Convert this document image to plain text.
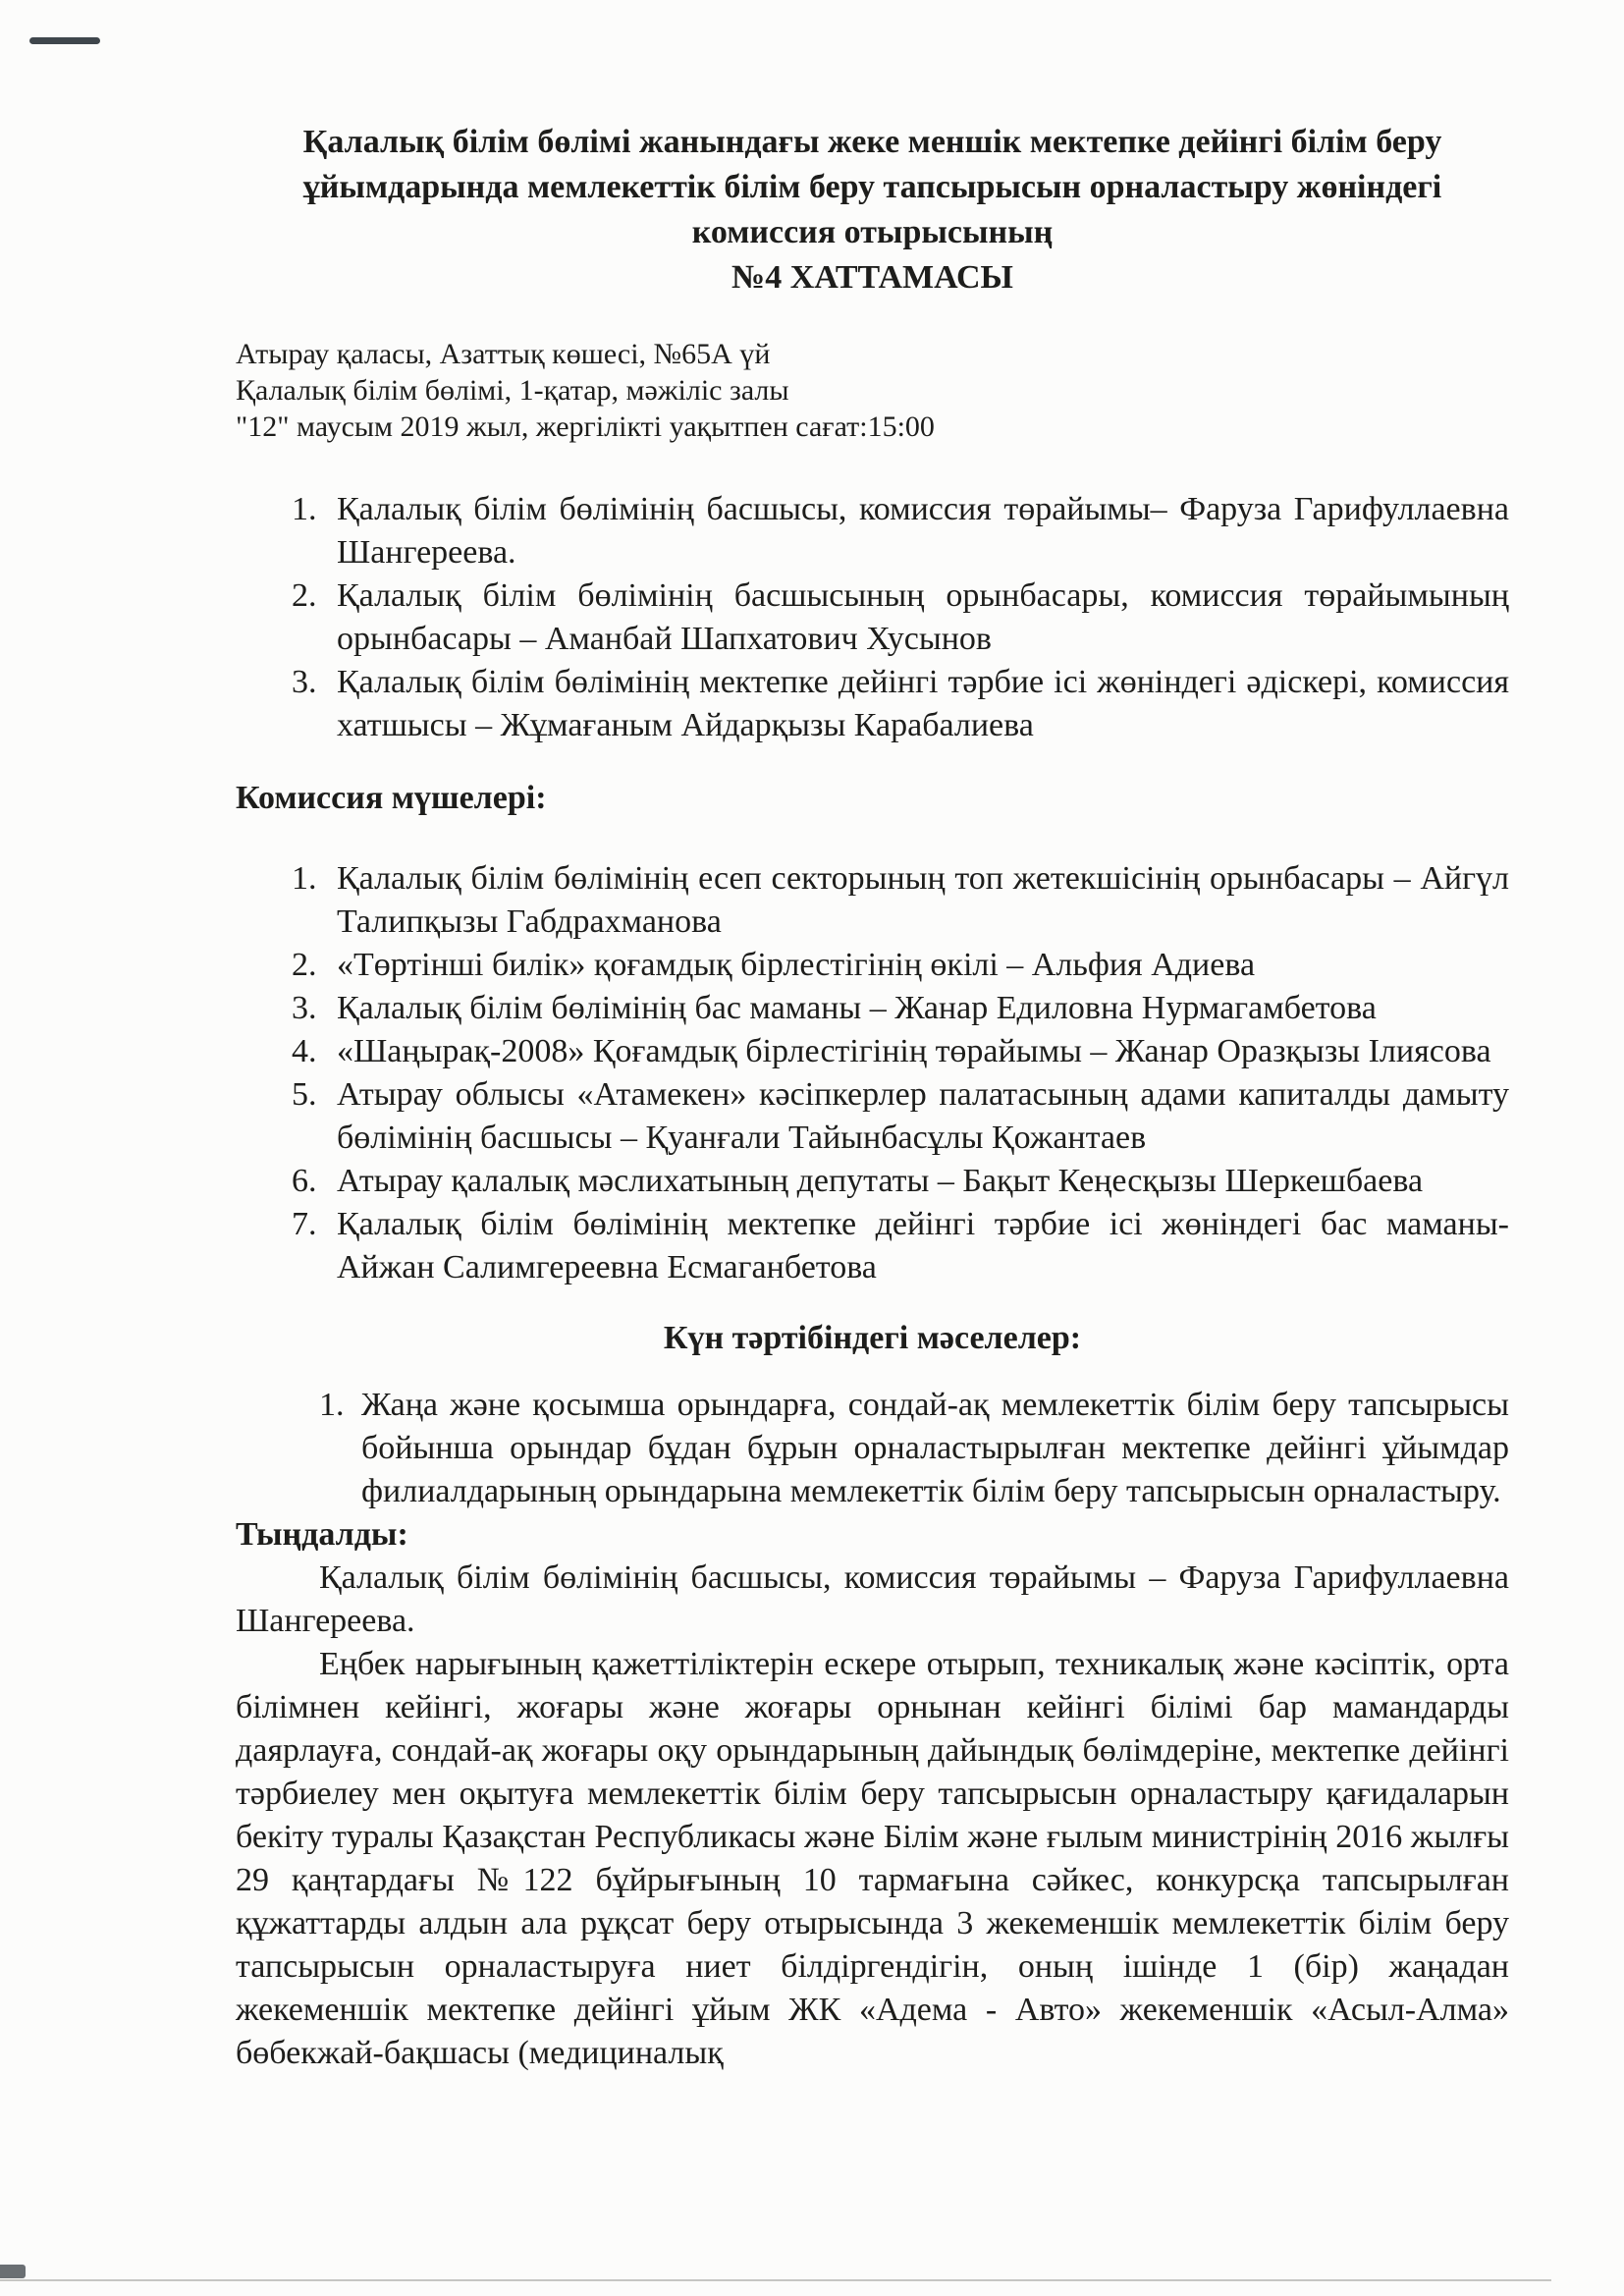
Қалалық білім бөлімі жанындағы жеке меншік мектепке дейінгі білім беру
ұйымдарында мемлекеттік білім беру тапсырысын орналастыру жөніндегі
комиссия отырысының
№4 ХАТТАМАСЫ
Атырау қаласы, Азаттық көшесі, №65А үй
Қалалық білім бөлімі, 1-қатар, мәжіліс залы
"12" маусым 2019 жыл, жергілікті уақытпен сағат:15:00
1. Қалалық білім бөлімінің басшысы, комиссия төрайымы– Фаруза Гарифуллаевна Шангереева.
2. Қалалық білім бөлімінің басшысының орынбасары, комиссия төрайымының орынбасары – Аманбай Шапхатович Хусынов
3. Қалалық білім бөлімінің мектепке дейінгі тәрбие ісі жөніндегі әдіскері, комиссия хатшысы – Жұмағаным Айдарқызы Карабалиева
Комиссия мүшелері:
1. Қалалық білім бөлімінің есеп секторының топ жетекшісінің орынбасары – Айгүл Талипқызы Габдрахманова
2. «Төртінші билік» қоғамдық бірлестігінің өкілі – Альфия Адиева
3. Қалалық білім бөлімінің бас маманы – Жанар Едиловна Нурмагамбетова
4. «Шаңырақ-2008» Қоғамдық бірлестігінің төрайымы – Жанар Оразқызы Ілиясова
5. Атырау облысы «Атамекен» кәсіпкерлер палатасының адами капиталды дамыту бөлімінің басшысы – Қуанғали Тайынбасұлы Қожантаев
6. Атырау қалалық мәслихатының депутаты – Бақыт Кеңесқызы Шеркешбаева
7. Қалалық білім бөлімінің мектепке дейінгі тәрбие ісі жөніндегі бас маманы- Айжан Салимгереевна Есмаганбетова
Күн тәртібіндегі мәселелер:
1. Жаңа және қосымша орындарға, сондай-ақ мемлекеттік білім беру тапсырысы бойынша орындар бұдан бұрын орналастырылған мектепке дейінгі ұйымдар филиалдарының орындарына мемлекеттік білім беру тапсырысын орналастыру.
Тыңдалды:

Қалалық білім бөлімінің басшысы, комиссия төрайымы – Фаруза Гарифуллаевна Шангереева.

Еңбек нарығының қажеттіліктерін ескере отырып, техникалық және кәсіптік, орта білімнен кейінгі, жоғары және жоғары орнынан кейінгі білімі бар мамандарды даярлауға, сондай-ақ жоғары оқу орындарының дайындық бөлімдеріне, мектепке дейінгі тәрбиелеу мен оқытуға мемлекеттік білім беру тапсырысын орналастыру қағидаларын бекіту туралы Қазақстан Республикасы және Білім және ғылым министрінің 2016 жылғы 29 қаңтардағы №122 бұйрығының 10 тармағына сәйкес, конкурсқа тапсырылған құжаттарды алдын ала рұқсат беру отырысында 3 жекеменшік мемлекеттік білім беру тапсырысын орналастыруға ниет білдіргендігін, оның ішінде 1 (бір) жаңадан жекеменшік мектепке дейінгі ұйым ЖК «Адема - Авто» жекеменшік «Асыл-Алма» бөбекжай-бақшасы (медициналық
